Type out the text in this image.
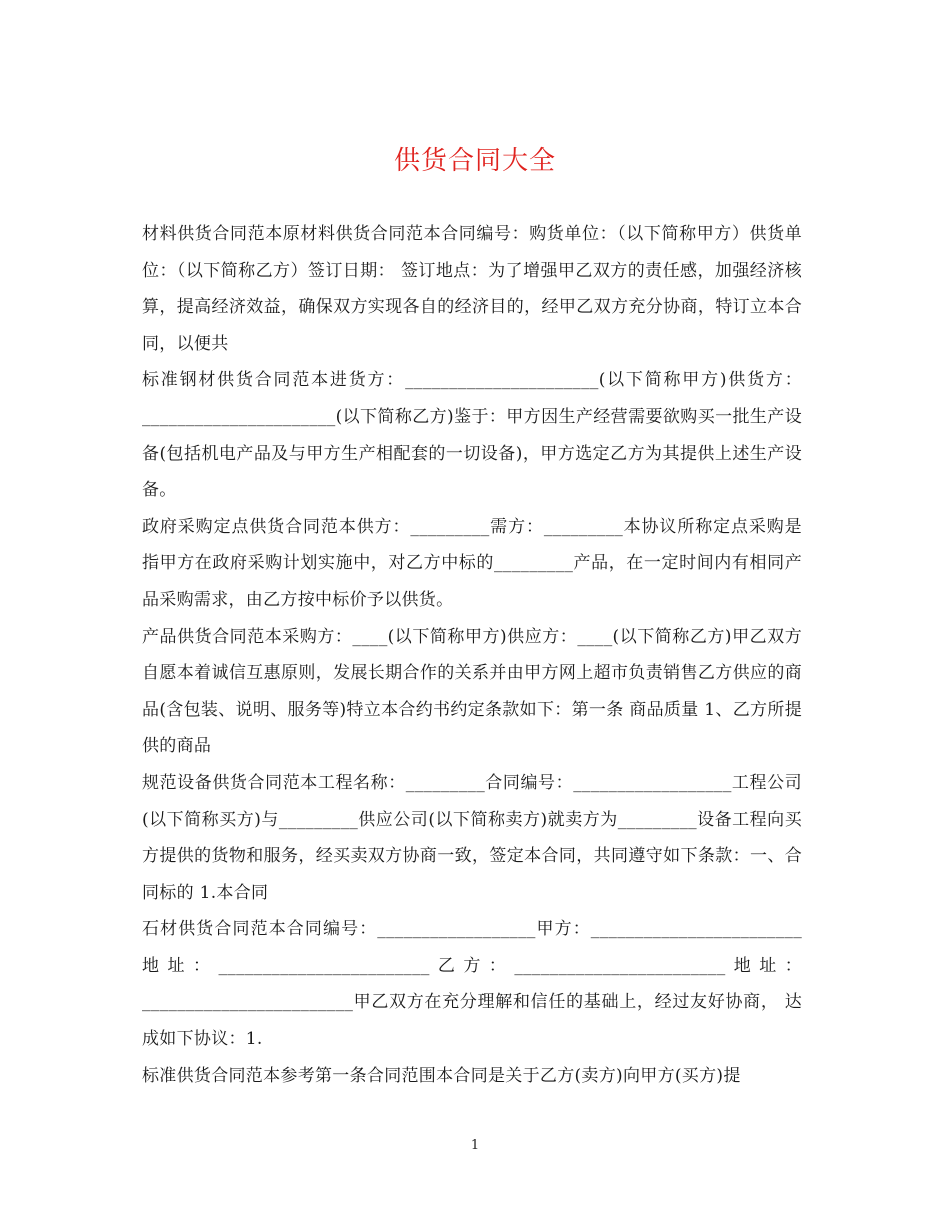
供货合同大全

材料供货合同范本原材料供货合同范本合同编号：购货单位：（以下简称甲方）供货单位：（以下简称乙方）签订日期： 签订地点：为了增强甲乙双方的责任感，加强经济核算，提高经济效益，确保双方实现各自的经济目的，经甲乙双方充分协商，特订立本合同，以便共

标准钢材供货合同范本进货方：______________________(以下简称甲方)供货方：______________________(以下简称乙方)鉴于：甲方因生产经营需要欲购买一批生产设备(包括机电产品及与甲方生产相配套的一切设备)，甲方选定乙方为其提供上述生产设备。

政府采购定点供货合同范本供方：_________需方：_________本协议所称定点采购是指甲方在政府采购计划实施中，对乙方中标的_________产品，在一定时间内有相同产品采购需求，由乙方按中标价予以供货。

产品供货合同范本采购方：____(以下简称甲方)供应方：____(以下简称乙方)甲乙双方自愿本着诚信互惠原则，发展长期合作的关系并由甲方网上超市负责销售乙方供应的商品(含包装、说明、服务等)特立本合约书约定条款如下：第一条 商品质量 1、乙方所提供的商品

规范设备供货合同范本工程名称：_________合同编号：__________________工程公司(以下简称买方)与_________供应公司(以下简称卖方)就卖方为_________设备工程向买方提供的货物和服务，经买卖双方协商一致，签定本合同，共同遵守如下条款：一、合同标的 1.本合同

石材供货合同范本合同编号：__________________甲方：________________________地址：________________________乙方：________________________地址：________________________甲乙双方在充分理解和信任的基础上，经过友好协商， 达成如下协议：1.

标准供货合同范本参考第一条合同范围本合同是关于乙方(卖方)向甲方(买方)提

1
